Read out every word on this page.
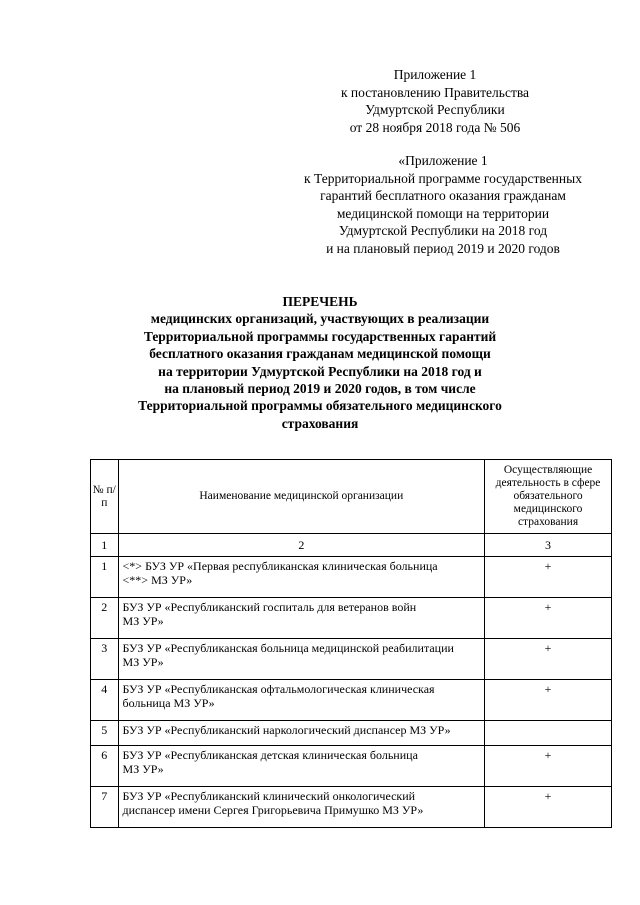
Приложение 1
к постановлению Правительства
Удмуртской Республики
от 28 ноября 2018 года № 506
«Приложение 1
к Территориальной программе государственных
гарантий бесплатного оказания гражданам
медицинской помощи на территории
Удмуртской Республики на 2018 год
и на плановый период 2019 и 2020 годов
ПЕРЕЧЕНЬ
медицинских организаций, участвующих в реализации
Территориальной программы государственных гарантий
бесплатного оказания гражданам медицинской помощи
на территории Удмуртской Республики на 2018 год и
на плановый период 2019 и 2020 годов, в том числе
Территориальной программы обязательного медицинского
страхования
№ п/п	Наименование медицинской организации	Осуществляющие деятельность в сфере обязательного медицинского страхования
1	2	3
1	<*> БУЗ УР «Первая республиканская клиническая больница
<**> МЗ УР»	+
2	БУЗ УР «Республиканский госпиталь для ветеранов войн
МЗ УР»	+
3	БУЗ УР «Республиканская больница медицинской реабилитации
МЗ УР»	+
4	БУЗ УР «Республиканская офтальмологическая клиническая
больница МЗ УР»	+
5	БУЗ УР «Республиканский наркологический диспансер МЗ УР»	
6	БУЗ УР «Республиканская детская клиническая больница
МЗ УР»	+
7	БУЗ УР «Республиканский клинический онкологический
диспансер имени Сергея Григорьевича Примушко МЗ УР»	+
